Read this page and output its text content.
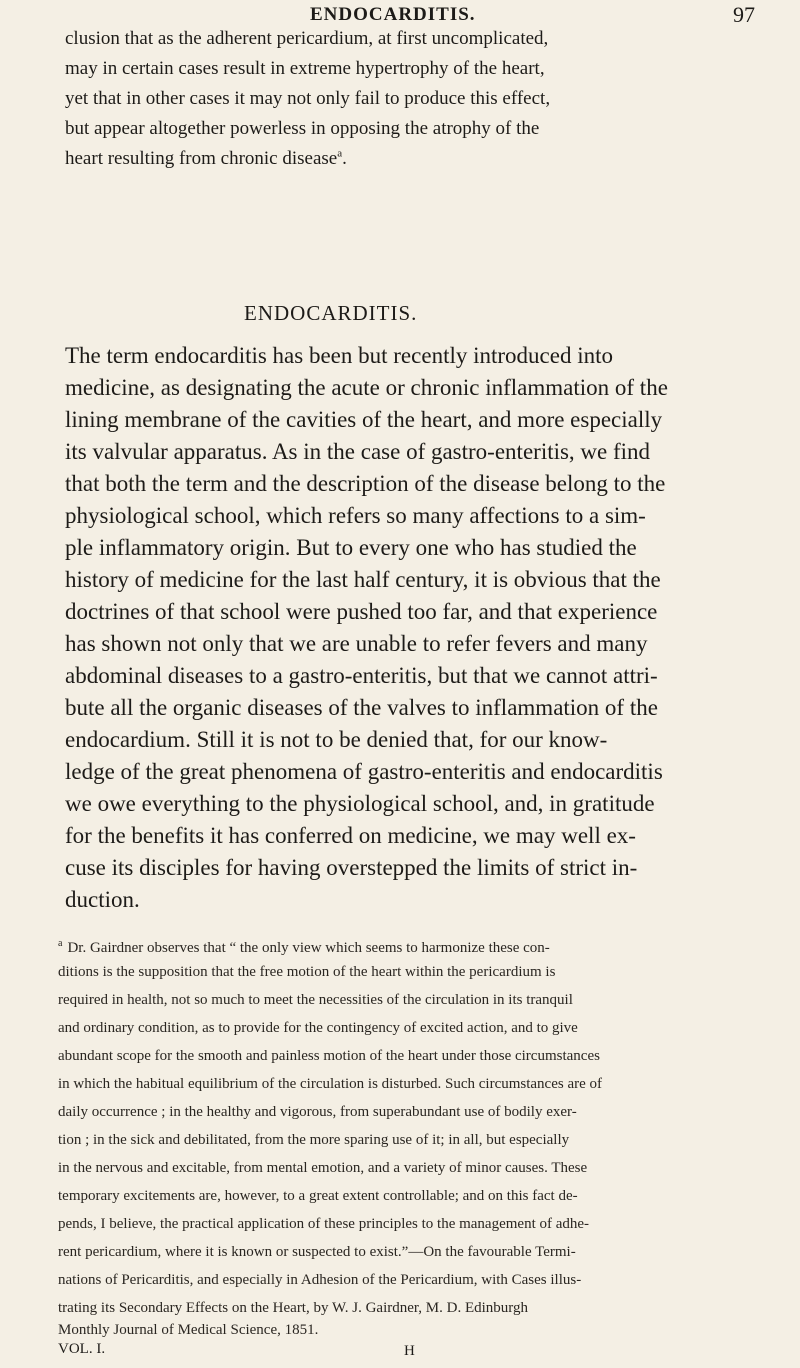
ENDOCARDITIS.	97
clusion that as the adherent pericardium, at first uncomplicated,
may in certain cases result in extreme hypertrophy of the heart,
yet that in other cases it may not only fail to produce this effect,
but appear altogether powerless in opposing the atrophy of the
heart resulting from chronic disease$^a$.
ENDOCARDITIS.
The term endocarditis has been but recently introduced into
medicine, as designating the acute or chronic inflammation of the
lining membrane of the cavities of the heart, and more especially
its valvular apparatus. As in the case of gastro-enteritis, we find
that both the term and the description of the disease belong to the
physiological school, which refers so many affections to a sim-
ple inflammatory origin. But to every one who has studied the
history of medicine for the last half century, it is obvious that the
doctrines of that school were pushed too far, and that experience
has shown not only that we are unable to refer fevers and many
abdominal diseases to a gastro-enteritis, but that we cannot attri-
bute all the organic diseases of the valves to inflammation of the
endocardium. Still it is not to be denied that, for our know-
ledge of the great phenomena of gastro-enteritis and endocarditis
we owe everything to the physiological school, and, in gratitude
for the benefits it has conferred on medicine, we may well ex-
cuse its disciples for having overstepped the limits of strict in-
duction.
$^a$ Dr. Gairdner observes that “ the only view which seems to harmonize these con-
ditions is the supposition that the free motion of the heart within the pericardium is
required in health, not so much to meet the necessities of the circulation in its tranquil
and ordinary condition, as to provide for the contingency of excited action, and to give
abundant scope for the smooth and painless motion of the heart under those circumstances
in which the habitual equilibrium of the circulation is disturbed. Such circumstances are of
daily occurrence ; in the healthy and vigorous, from superabundant use of bodily exer-
tion ; in the sick and debilitated, from the more sparing use of it; in all, but especially
in the nervous and excitable, from mental emotion, and a variety of minor causes. These
temporary excitements are, however, to a great extent controllable; and on this fact de-
pends, I believe, the practical application of these principles to the management of adhe-
rent pericardium, where it is known or suspected to exist.”—On the favourable Termi-
nations of Pericarditis, and especially in Adhesion of the Pericardium, with Cases illus-
trating its Secondary Effects on the Heart, by W. J. Gairdner, M. D. Edinburgh
Monthly Journal of Medical Science, 1851.
VOL. I.	H
